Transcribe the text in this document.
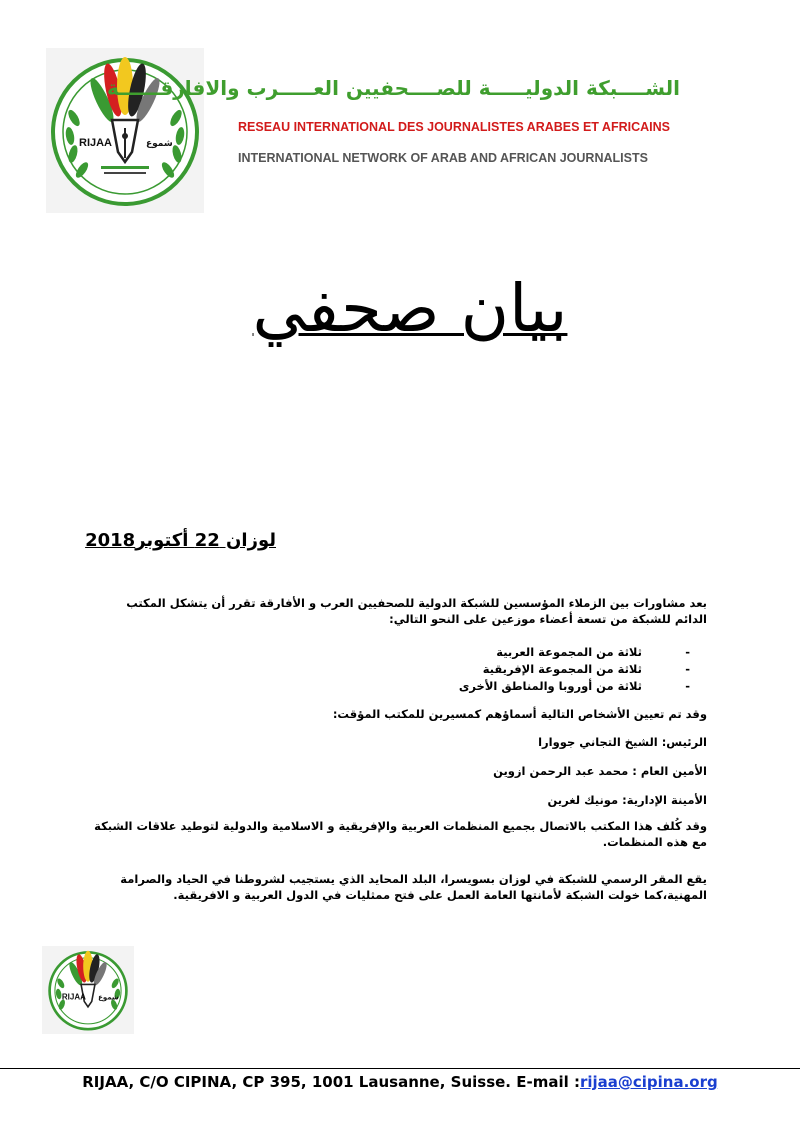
RIJAA	شموع
الشــــبكة الدوليـــــة للصــــحفيين العـــــرب والافارقــــــة
RESEAU INTERNATIONAL DES JOURNALISTES ARABES ET AFRICAINS
INTERNATIONAL NETWORK OF ARAB AND AFRICAN JOURNALISTS
بيان صحفي
لوزان 22 أكتوبر2018
بعد مشاورات بين الزملاء المؤسسين للشبكة الدولية للصحفيين العرب و الأفارقة تقرر أن يتشكل المكتب الدائم للشبكة من تسعة أعضاء موزعين على النحو التالي:
-ثلاثة من المجموعة العربية
-ثلاثة من المجموعة الإفريقية
-ثلاثة من أوروبا والمناطق الأخرى
وقد تم تعيين الأشخاص التالية أسماؤهم كمسيرين للمكتب المؤقت:
الرئيس: الشيخ التجاني جووارا
الأمين العام : محمد عبد الرحمن ازوين
الأمينة الإدارية: مونيك لغرين
وقد كُلف هذا المكتب بالاتصال بجميع المنظمات العربية والإفريقية و الاسلامية والدولية لتوطيد علاقات الشبكة مع هذه المنظمات.
يقع المقر الرسمي للشبكة في لوزان بسويسرا، البلد المحايد الذي يستجيب لشروطنا في الحياد والصرامة المهنية،كما خولت الشبكة لأمانتها العامة العمل على فتح ممثليات في الدول العربية و الافريقية.
RIJAA شموع
RIJAA, C/O CIPINA, CP 395, 1001 Lausanne, Suisse. E-mail :rijaa@cipina.org
